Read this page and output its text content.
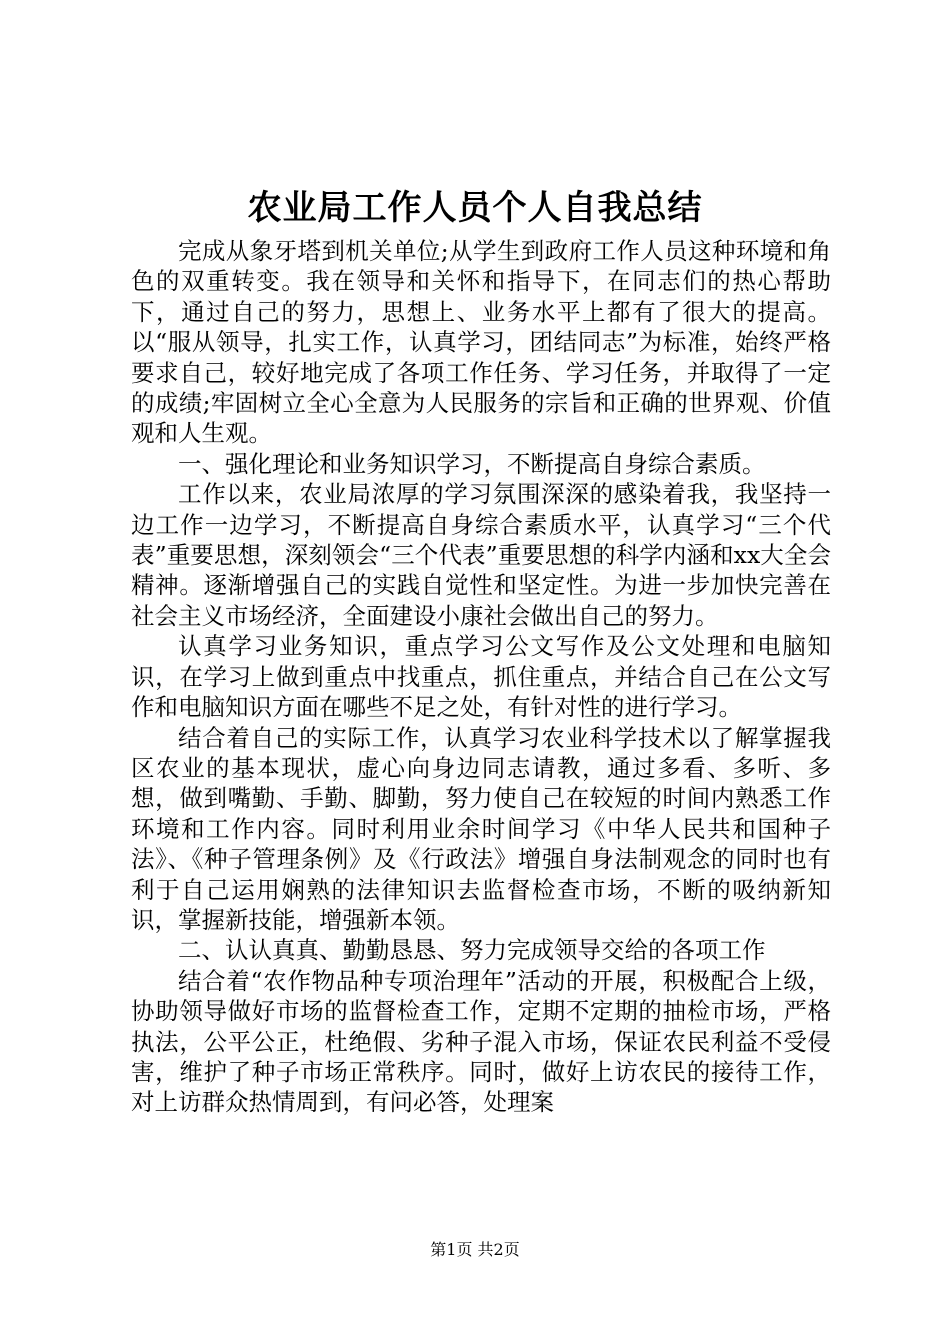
农业局工作人员个人自我总结

完成从象牙塔到机关单位;从学生到政府工作人员这种环境和角色的双重转变。我在领导和关怀和指导下，在同志们的热心帮助下，通过自己的努力，思想上、业务水平上都有了很大的提高。以“服从领导，扎实工作，认真学习，团结同志”为标准，始终严格要求自己，较好地完成了各项工作任务、学习任务，并取得了一定的成绩;牢固树立全心全意为人民服务的宗旨和正确的世界观、价值观和人生观。

一、强化理论和业务知识学习，不断提高自身综合素质。

工作以来，农业局浓厚的学习氛围深深的感染着我，我坚持一边工作一边学习，不断提高自身综合素质水平，认真学习“三个代表”重要思想，深刻领会“三个代表”重要思想的科学内涵和xx大全会精神。逐渐增强自己的实践自觉性和坚定性。为进一步加快完善在社会主义市场经济，全面建设小康社会做出自己的努力。

认真学习业务知识，重点学习公文写作及公文处理和电脑知识，在学习上做到重点中找重点，抓住重点，并结合自己在公文写作和电脑知识方面在哪些不足之处，有针对性的进行学习。

结合着自己的实际工作，认真学习农业科学技术以了解掌握我区农业的基本现状，虚心向身边同志请教，通过多看、多听、多想，做到嘴勤、手勤、脚勤，努力使自己在较短的时间内熟悉工作环境和工作内容。同时利用业余时间学习《中华人民共和国种子法》、《种子管理条例》及《行政法》增强自身法制观念的同时也有利于自己运用娴熟的法律知识去监督检查市场，不断的吸纳新知识，掌握新技能，增强新本领。

二、认认真真、勤勤恳恳、努力完成领导交给的各项工作

结合着“农作物品种专项治理年”活动的开展，积极配合上级，协助领导做好市场的监督检查工作，定期不定期的抽检市场，严格执法，公平公正，杜绝假、劣种子混入市场，保证农民利益不受侵害，维护了种子市场正常秩序。同时，做好上访农民的接待工作，对上访群众热情周到，有问必答，处理案

第1页 共2页
